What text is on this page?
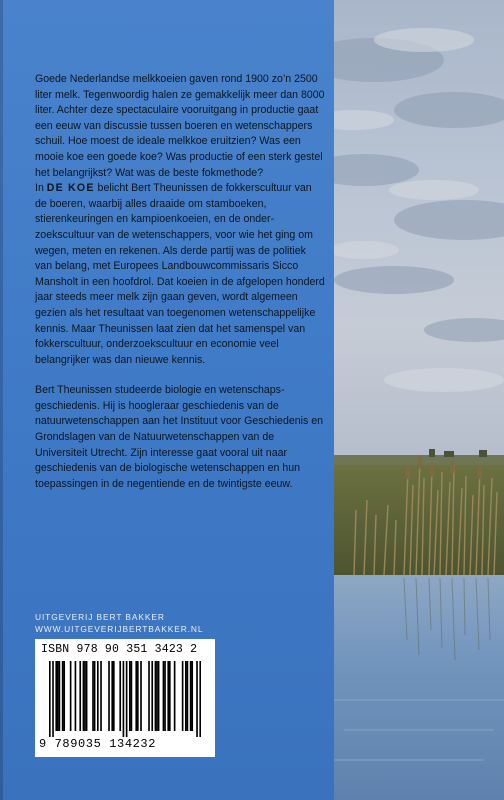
Goede Nederlandse melkkoeien gaven rond 1900 zo’n 2500 liter melk. Tegenwoordig halen ze gemakkelijk meer dan 8000 liter. Achter deze spectaculaire vooruitgang in productie gaat een eeuw van discussie tussen boeren en wetenschappers schuil. Hoe moest de ideale melkkoe eruitzien? Was een mooie koe een goede koe? Was productie of een sterk gestel het belangrijkst? Wat was de beste fokmethode?

In DE KOE belicht Bert Theunissen de fokkerscultuur van de boeren, waarbij alles draaide om stamboeken, stierenkeuringen en kampioenkoeien, en de onderzoekscultuur van de wetenschappers, voor wie het ging om wegen, meten en rekenen. Als derde partij was de politiek van belang, met Europees Landbouwcommissaris Sicco Mansholt in een hoofdrol. Dat koeien in de afgelopen honderd jaar steeds meer melk zijn gaan geven, wordt algemeen gezien als het resultaat van toegenomen wetenschappelijke kennis. Maar Theunissen laat zien dat het samenspel van fokkerscultuur, onderzoekscultuur en economie veel belangrijker was dan nieuwe kennis.

Bert Theunissen studeerde biologie en wetenschapsgeschiedenis. Hij is hoogleraar geschiedenis van de natuurwetenschappen aan het Instituut voor Geschiedenis en Grondslagen van de Natuurwetenschappen van de Universiteit Utrecht. Zijn interesse gaat vooral uit naar geschiedenis van de biologische wetenschappen en hun toepassingen in de negentiende en de twintigste eeuw.

UITGEVERIJ BERT BAKKER
WWW.UITGEVERIJBERTBAKKER.NL
ISBN 978 90 351 3423 2
9 789035 134232
